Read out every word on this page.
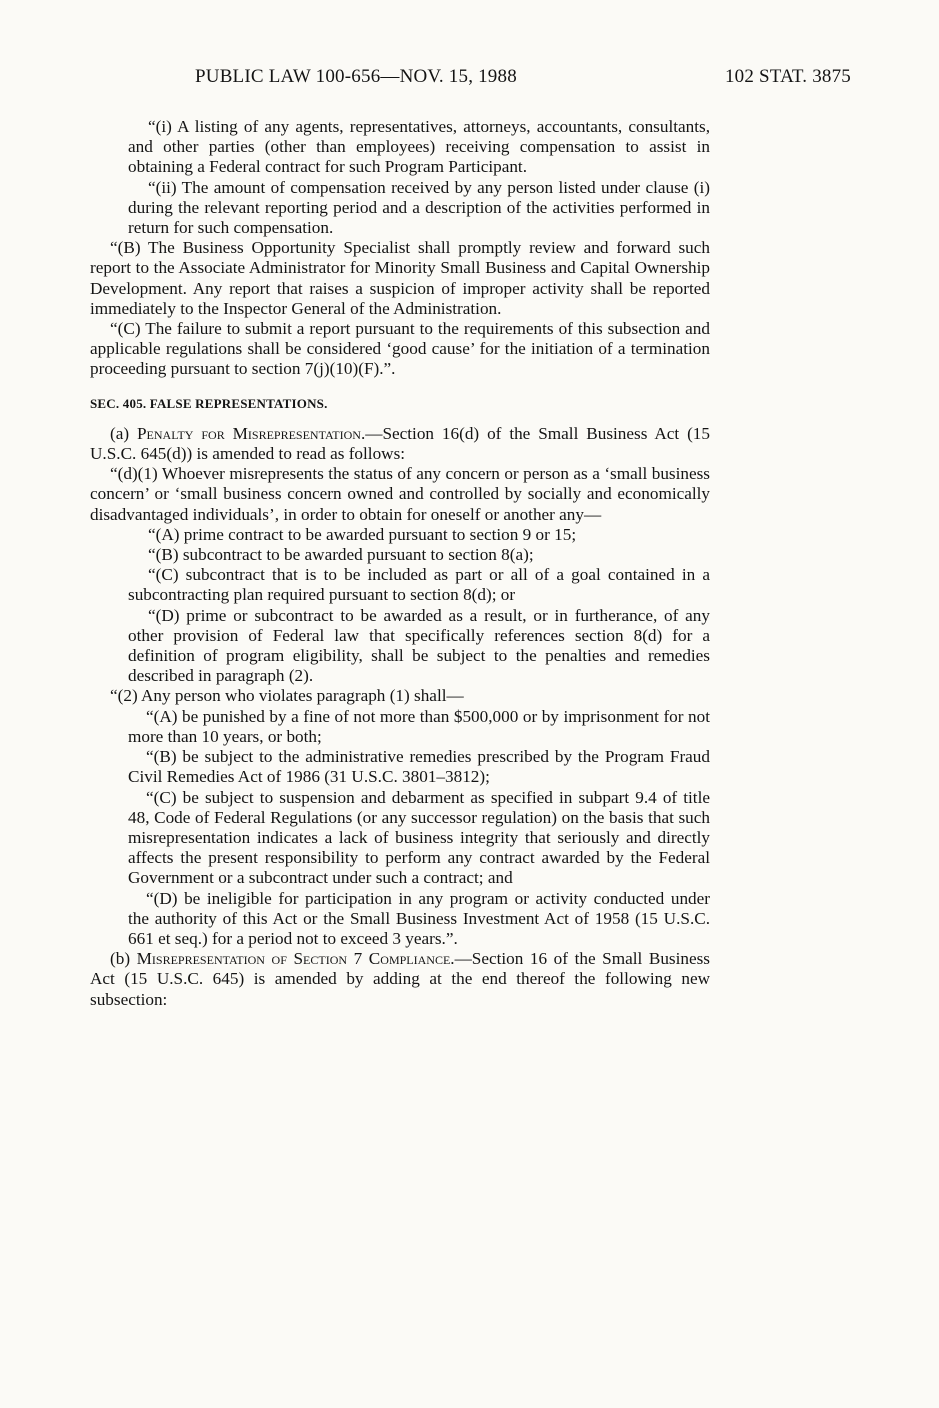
PUBLIC LAW 100-656—NOV. 15, 1988	102 STAT. 3875

“(i) A listing of any agents, representatives, attorneys, accountants, consultants, and other parties (other than employees) receiving compensation to assist in obtaining a Federal contract for such Program Participant.

“(ii) The amount of compensation received by any person listed under clause (i) during the relevant reporting period and a description of the activities performed in return for such compensation.

“(B) The Business Opportunity Specialist shall promptly review and forward such report to the Associate Administrator for Minority Small Business and Capital Ownership Development. Any report that raises a suspicion of improper activity shall be reported immediately to the Inspector General of the Administration.

“(C) The failure to submit a report pursuant to the requirements of this subsection and applicable regulations shall be considered ‘good cause’ for the initiation of a termination proceeding pursuant to section 7(j)(10)(F).”.

SEC. 405. FALSE REPRESENTATIONS.

(a) Penalty for Misrepresentation.—Section 16(d) of the Small Business Act (15 U.S.C. 645(d)) is amended to read as follows:

“(d)(1) Whoever misrepresents the status of any concern or person as a ‘small business concern’ or ‘small business concern owned and controlled by socially and economically disadvantaged individuals’, in order to obtain for oneself or another any—

“(A) prime contract to be awarded pursuant to section 9 or 15;

“(B) subcontract to be awarded pursuant to section 8(a);

“(C) subcontract that is to be included as part or all of a goal contained in a subcontracting plan required pursuant to section 8(d); or

“(D) prime or subcontract to be awarded as a result, or in furtherance, of any other provision of Federal law that specifically references section 8(d) for a definition of program eligibility, shall be subject to the penalties and remedies described in paragraph (2).

“(2) Any person who violates paragraph (1) shall—

“(A) be punished by a fine of not more than $500,000 or by imprisonment for not more than 10 years, or both;

“(B) be subject to the administrative remedies prescribed by the Program Fraud Civil Remedies Act of 1986 (31 U.S.C. 3801–3812);

“(C) be subject to suspension and debarment as specified in subpart 9.4 of title 48, Code of Federal Regulations (or any successor regulation) on the basis that such misrepresentation indicates a lack of business integrity that seriously and directly affects the present responsibility to perform any contract awarded by the Federal Government or a subcontract under such a contract; and

“(D) be ineligible for participation in any program or activity conducted under the authority of this Act or the Small Business Investment Act of 1958 (15 U.S.C. 661 et seq.) for a period not to exceed 3 years.”.

(b) Misrepresentation of Section 7 Compliance.—Section 16 of the Small Business Act (15 U.S.C. 645) is amended by adding at the end thereof the following new subsection:
